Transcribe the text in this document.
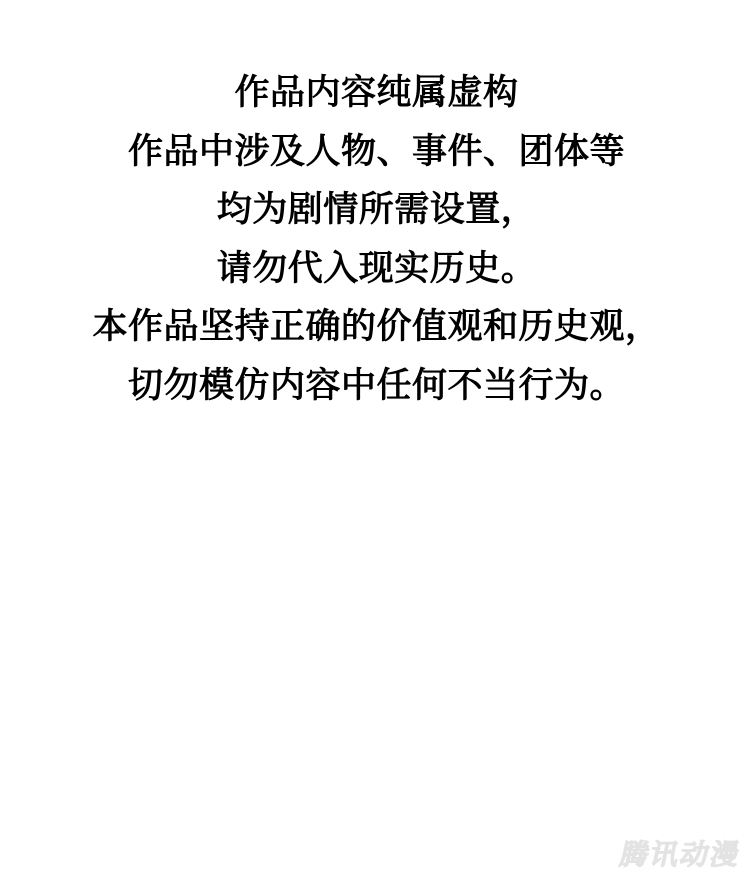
作品内容纯属虚构
作品中涉及人物、事件、团体等
均为剧情所需设置，
请勿代入现实历史。
本作品坚持正确的价值观和历史观，
切勿模仿内容中任何不当行为。
腾讯动漫
